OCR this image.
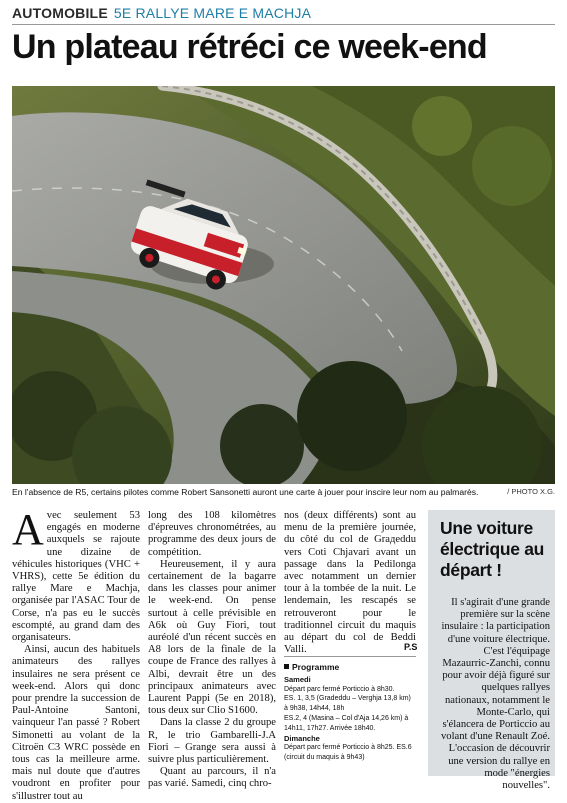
AUTOMOBILE 5E RALLYE MARE E MACHJA
Un plateau rétréci ce week-end
En l'absence de R5, certains pilotes comme Robert Sansonetti auront une carte à jouer pour inscire leur nom au palmarès.	/ PHOTO X.G.

Avec seulement 53 engagés en moderne auxquels se rajoute une dizaine de véhicules historiques (VHC + VHRS), cette 5e édition du rallye Mare e Machja, organisée par l'ASAC Tour de Corse, n'a pas eu le succès escompté, au grand dam des organisateurs.

Ainsi, aucun des habituels animateurs des rallyes insulaires ne sera présent ce week-end. Alors qui donc pour prendre la succession de Paul-Antoine Santoni, vainqueur l'an passé ? Robert Simonetti au volant de la Citroën C3 WRC possède en tous cas la meilleure arme. mais nul doute que d'autres voudront en profiter pour s'illustrer tout au

long des 108 kilomètres d'épreuves chronométrées, au programme des deux jours de compétition.

Heureusement, il y aura certainement de la bagarre dans les classes pour animer le week-end. On pense surtout à celle prévisible en A6k où Guy Fiori, tout auréolé d'un récent succès en A8 lors de la finale de la coupe de France des rallyes à Albi, devrait être un des principaux animateurs avec Laurent Pappi (5e en 2018), tous deux sur Clio S1600.

Dans la classe 2 du groupe R, le trio Gambarelli-J.A Fiori – Grange sera aussi à suivre plus particulièrement.

Quant au parcours, il n'a pas varié. Samedi, cinq chro-

nos (deux différents) sont au menu de la première journée, du côté du col de Grадeddu vers Coti Chjavari avant un passage dans la Pedilonga avec notamment un dernier tour à la tombée de la nuit. Le lendemain, les rescapés se retrouveront pour le traditionnel circuit du maquis au départ du col de Beddi Valli.	P.S
Programme
Samedi
Départ parc fermé Porticcio à 8h30.
ES. 1, 3,5 (Gradeddu – Verghja 13,8 km) à 9h38, 14h44, 18h
ES.2, 4 (Masina – Col d'Aja 14,26 km) à 14h11, 17h27. Arrivée 18h40.
Dimanche
Départ parc fermé Porticcio à 8h25. ES.6 (circuit du maquis à 9h43)
Une voiture électrique au départ !
Il s'agirait d'une grande première sur la scène insulaire : la participation d'une voiture électrique. C'est l'équipage Mazaurric-Zanchi, connu pour avoir déjà figuré sur quelques rallyes nationaux, notamment le Monte-Carlo, qui s'élancera de Porticcio au volant d'une Renault Zoé. L'occasion de découvrir une version du rallye en mode "énergies nouvelles".
